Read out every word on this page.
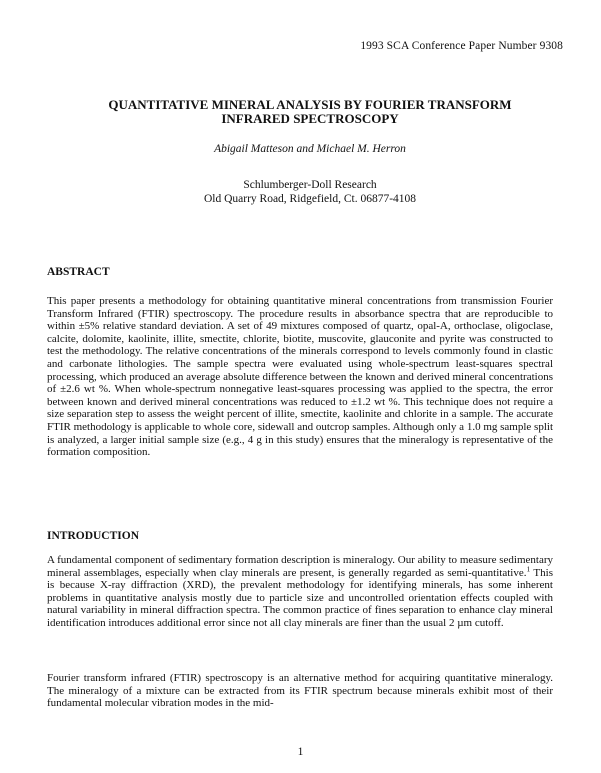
1993 SCA Conference Paper Number 9308
QUANTITATIVE MINERAL ANALYSIS BY FOURIER TRANSFORM
INFRARED SPECTROSCOPY
Abigail Matteson and Michael M. Herron
Schlumberger-Doll Research
Old Quarry Road, Ridgefield, Ct. 06877-4108
ABSTRACT

This paper presents a methodology for obtaining quantitative mineral concentrations from transmission Fourier Transform Infrared (FTIR) spectroscopy. The procedure results in absorbance spectra that are reproducible to within ±5% relative standard deviation. A set of 49 mixtures composed of quartz, opal-A, orthoclase, oligoclase, calcite, dolomite, kaolinite, illite, smectite, chlorite, biotite, muscovite, glauconite and pyrite was constructed to test the methodology. The relative concentrations of the minerals correspond to levels commonly found in clastic and carbonate lithologies. The sample spectra were evaluated using whole-spectrum least-squares spectral processing, which produced an average absolute difference between the known and derived mineral concentrations of ±2.6 wt %. When whole-spectrum nonnegative least-squares processing was applied to the spectra, the error between known and derived mineral concentrations was reduced to ±1.2 wt %. This technique does not require a size separation step to assess the weight percent of illite, smectite, kaolinite and chlorite in a sample. The accurate FTIR methodology is applicable to whole core, sidewall and outcrop samples. Although only a 1.0 mg sample split is analyzed, a larger initial sample size (e.g., 4 g in this study) ensures that the mineralogy is representative of the formation composition.

INTRODUCTION

A fundamental component of sedimentary formation description is mineralogy. Our ability to measure sedimentary mineral assemblages, especially when clay minerals are present, is generally regarded as semi-quantitative.$^1$ This is because X-ray diffraction (XRD), the prevalent methodology for identifying minerals, has some inherent problems in quantitative analysis mostly due to particle size and uncontrolled orientation effects coupled with natural variability in mineral diffraction spectra. The common practice of fines separation to enhance clay mineral identification introduces additional error since not all clay minerals are finer than the usual 2 µm cutoff.

Fourier transform infrared (FTIR) spectroscopy is an alternative method for acquiring quantitative mineralogy. The mineralogy of a mixture can be extracted from its FTIR spectrum because minerals exhibit most of their fundamental molecular vibration modes in the mid-

1
